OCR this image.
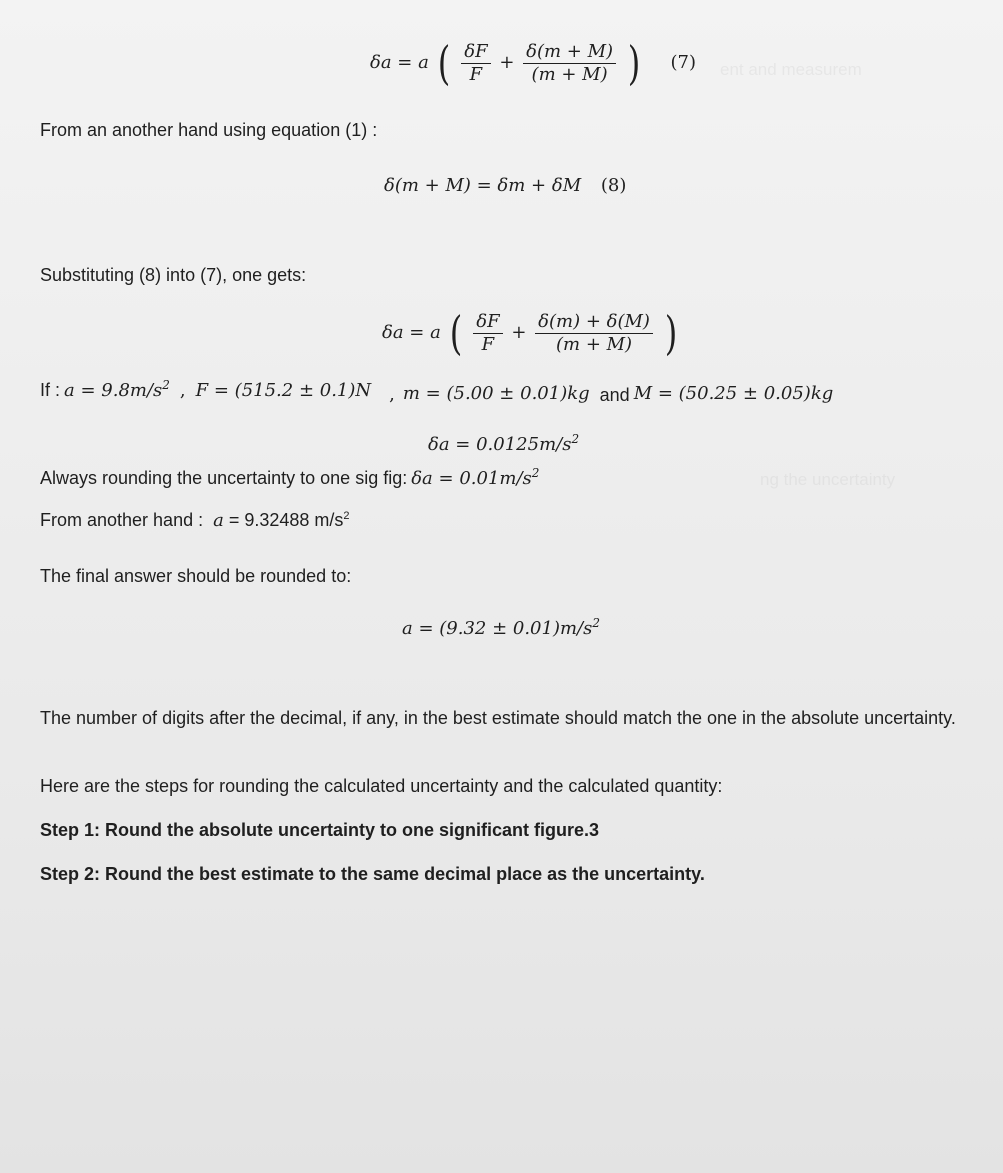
ent and measurem
ng the uncertainty
δa = a ( $\frac{\delta F}{F} + \frac{\delta(m + M)}{(m + M)}$ ) (7)
From an another hand using equation (1) :
δ(m + M) = δm + δM (8)
Substituting (8) into (7), one gets:
δa = a ( $\frac{\delta F}{F} + \frac{\delta(m) + \delta(M)}{(m + M)}$ )
If : $a = 9.8m/s^2$ , F = (515.2 ± 0.1)N , m = (5.00 ± 0.01)kg and M = (50.25 ± 0.05)kg
$\delta a = 0.0125m/s^2$
Always rounding the uncertainty to one sig fig: $\delta a = 0.01m/s^2$
From another hand : a = 9.32488 $m/s^2$
The final answer should be rounded to:
$a = (9.32 \pm 0.01)m/s^2$
The number of digits after the decimal, if any, in the best estimate should match the one in the absolute uncertainty.
Here are the steps for rounding the calculated uncertainty and the calculated quantity:
Step 1: Round the absolute uncertainty to one significant figure.3
Step 2: Round the best estimate to the same decimal place as the uncertainty.
